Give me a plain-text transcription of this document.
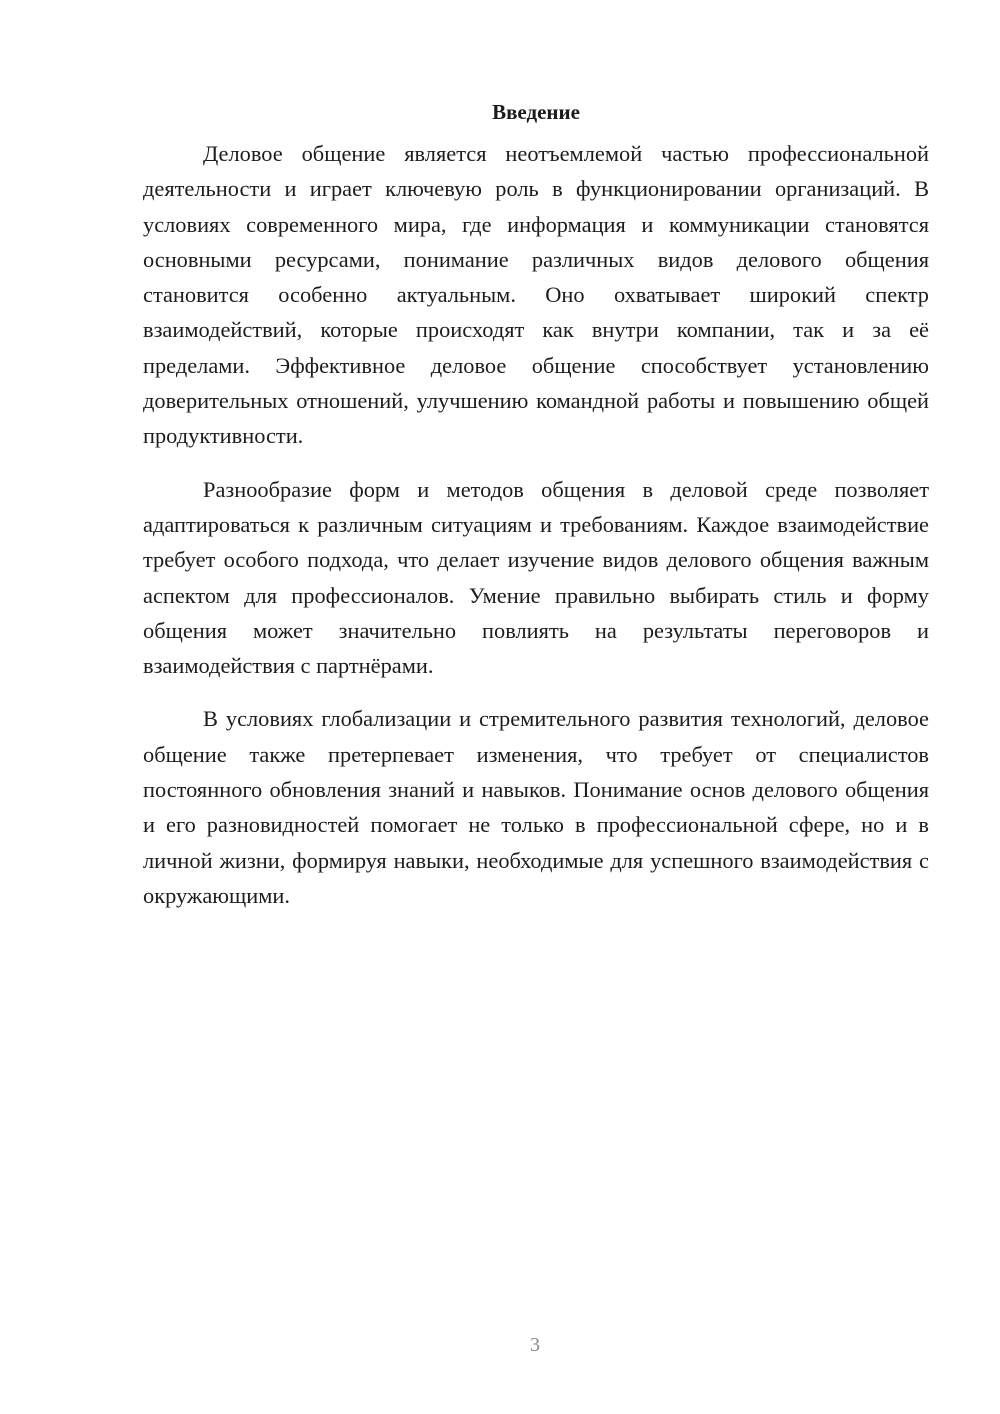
Введение

Деловое общение является неотъемлемой частью профессиональной деятельности и играет ключевую роль в функционировании организаций. В условиях современного мира, где информация и коммуникации становятся основными ресурсами, понимание различных видов делового общения становится особенно актуальным. Оно охватывает широкий спектр взаимодействий, которые происходят как внутри компании, так и за её пределами. Эффективное деловое общение способствует установлению доверительных отношений, улучшению командной работы и повышению общей продуктивности.

Разнообразие форм и методов общения в деловой среде позволяет адаптироваться к различным ситуациям и требованиям. Каждое взаимодействие требует особого подхода, что делает изучение видов делового общения важным аспектом для профессионалов. Умение правильно выбирать стиль и форму общения может значительно повлиять на результаты переговоров и взаимодействия с партнёрами.

В условиях глобализации и стремительного развития технологий, деловое общение также претерпевает изменения, что требует от специалистов постоянного обновления знаний и навыков. Понимание основ делового общения и его разновидностей помогает не только в профессиональной сфере, но и в личной жизни, формируя навыки, необходимые для успешного взаимодействия с окружающими.

3
